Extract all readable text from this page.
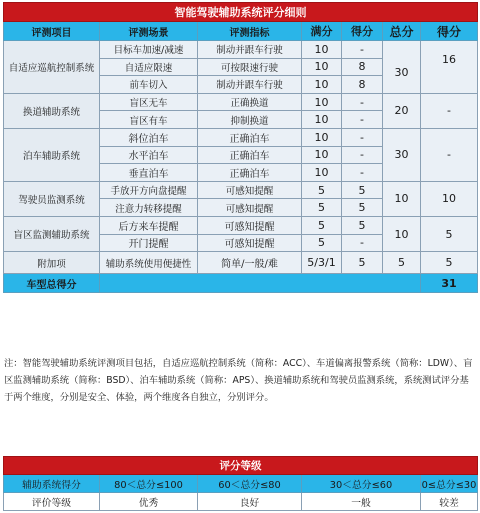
智能驾驶辅助系统评分细则						
评测项目	评测场景	评测指标	满分	得分	总分	得分
自适应巡航控制系统	目标车加速/减速	制动并跟车行驶	10	-	30	16
	自适应限速	可按限速行驶	10	8		
	前车切入	制动并跟车行驶	10	8		
换道辅助系统	盲区无车	正确换道	10	-	20	-
	盲区有车	抑制换道	10	-		
泊车辅助系统	斜位泊车	正确泊车	10	-	30	-
	水平泊车	正确泊车	10	-		
	垂直泊车	正确泊车	10	-		
驾驶员监测系统	手放开方向盘提醒	可感知提醒	5	5	10	10
	注意力转移提醒	可感知提醒	5	5		
盲区监测辅助系统	后方来车提醒	可感知提醒	5	5	10	5
	开门提醒	可感知提醒	5	-		
附加项	辅助系统使用便捷性	简单/一般/难	5/3/1	5	5	5
车型总得分						31
注：智能驾驶辅助系统评测项目包括，自适应巡航控制系统（简称：ACC）、车道偏离报警系统（简称：LDW）、盲区监测辅助系统（简称：BSD）、泊车辅助系统（简称：APS）、换道辅助系统和驾驶员监测系统，系统测试评分基于两个维度，分别是安全、体验，两个维度各自独立，分别评分。
评分等级				
辅助系统得分	80＜总分≤100	60＜总分≤80	30＜总分≤60	0≤总分≤30
评价等级	优秀	良好	一般	较差
